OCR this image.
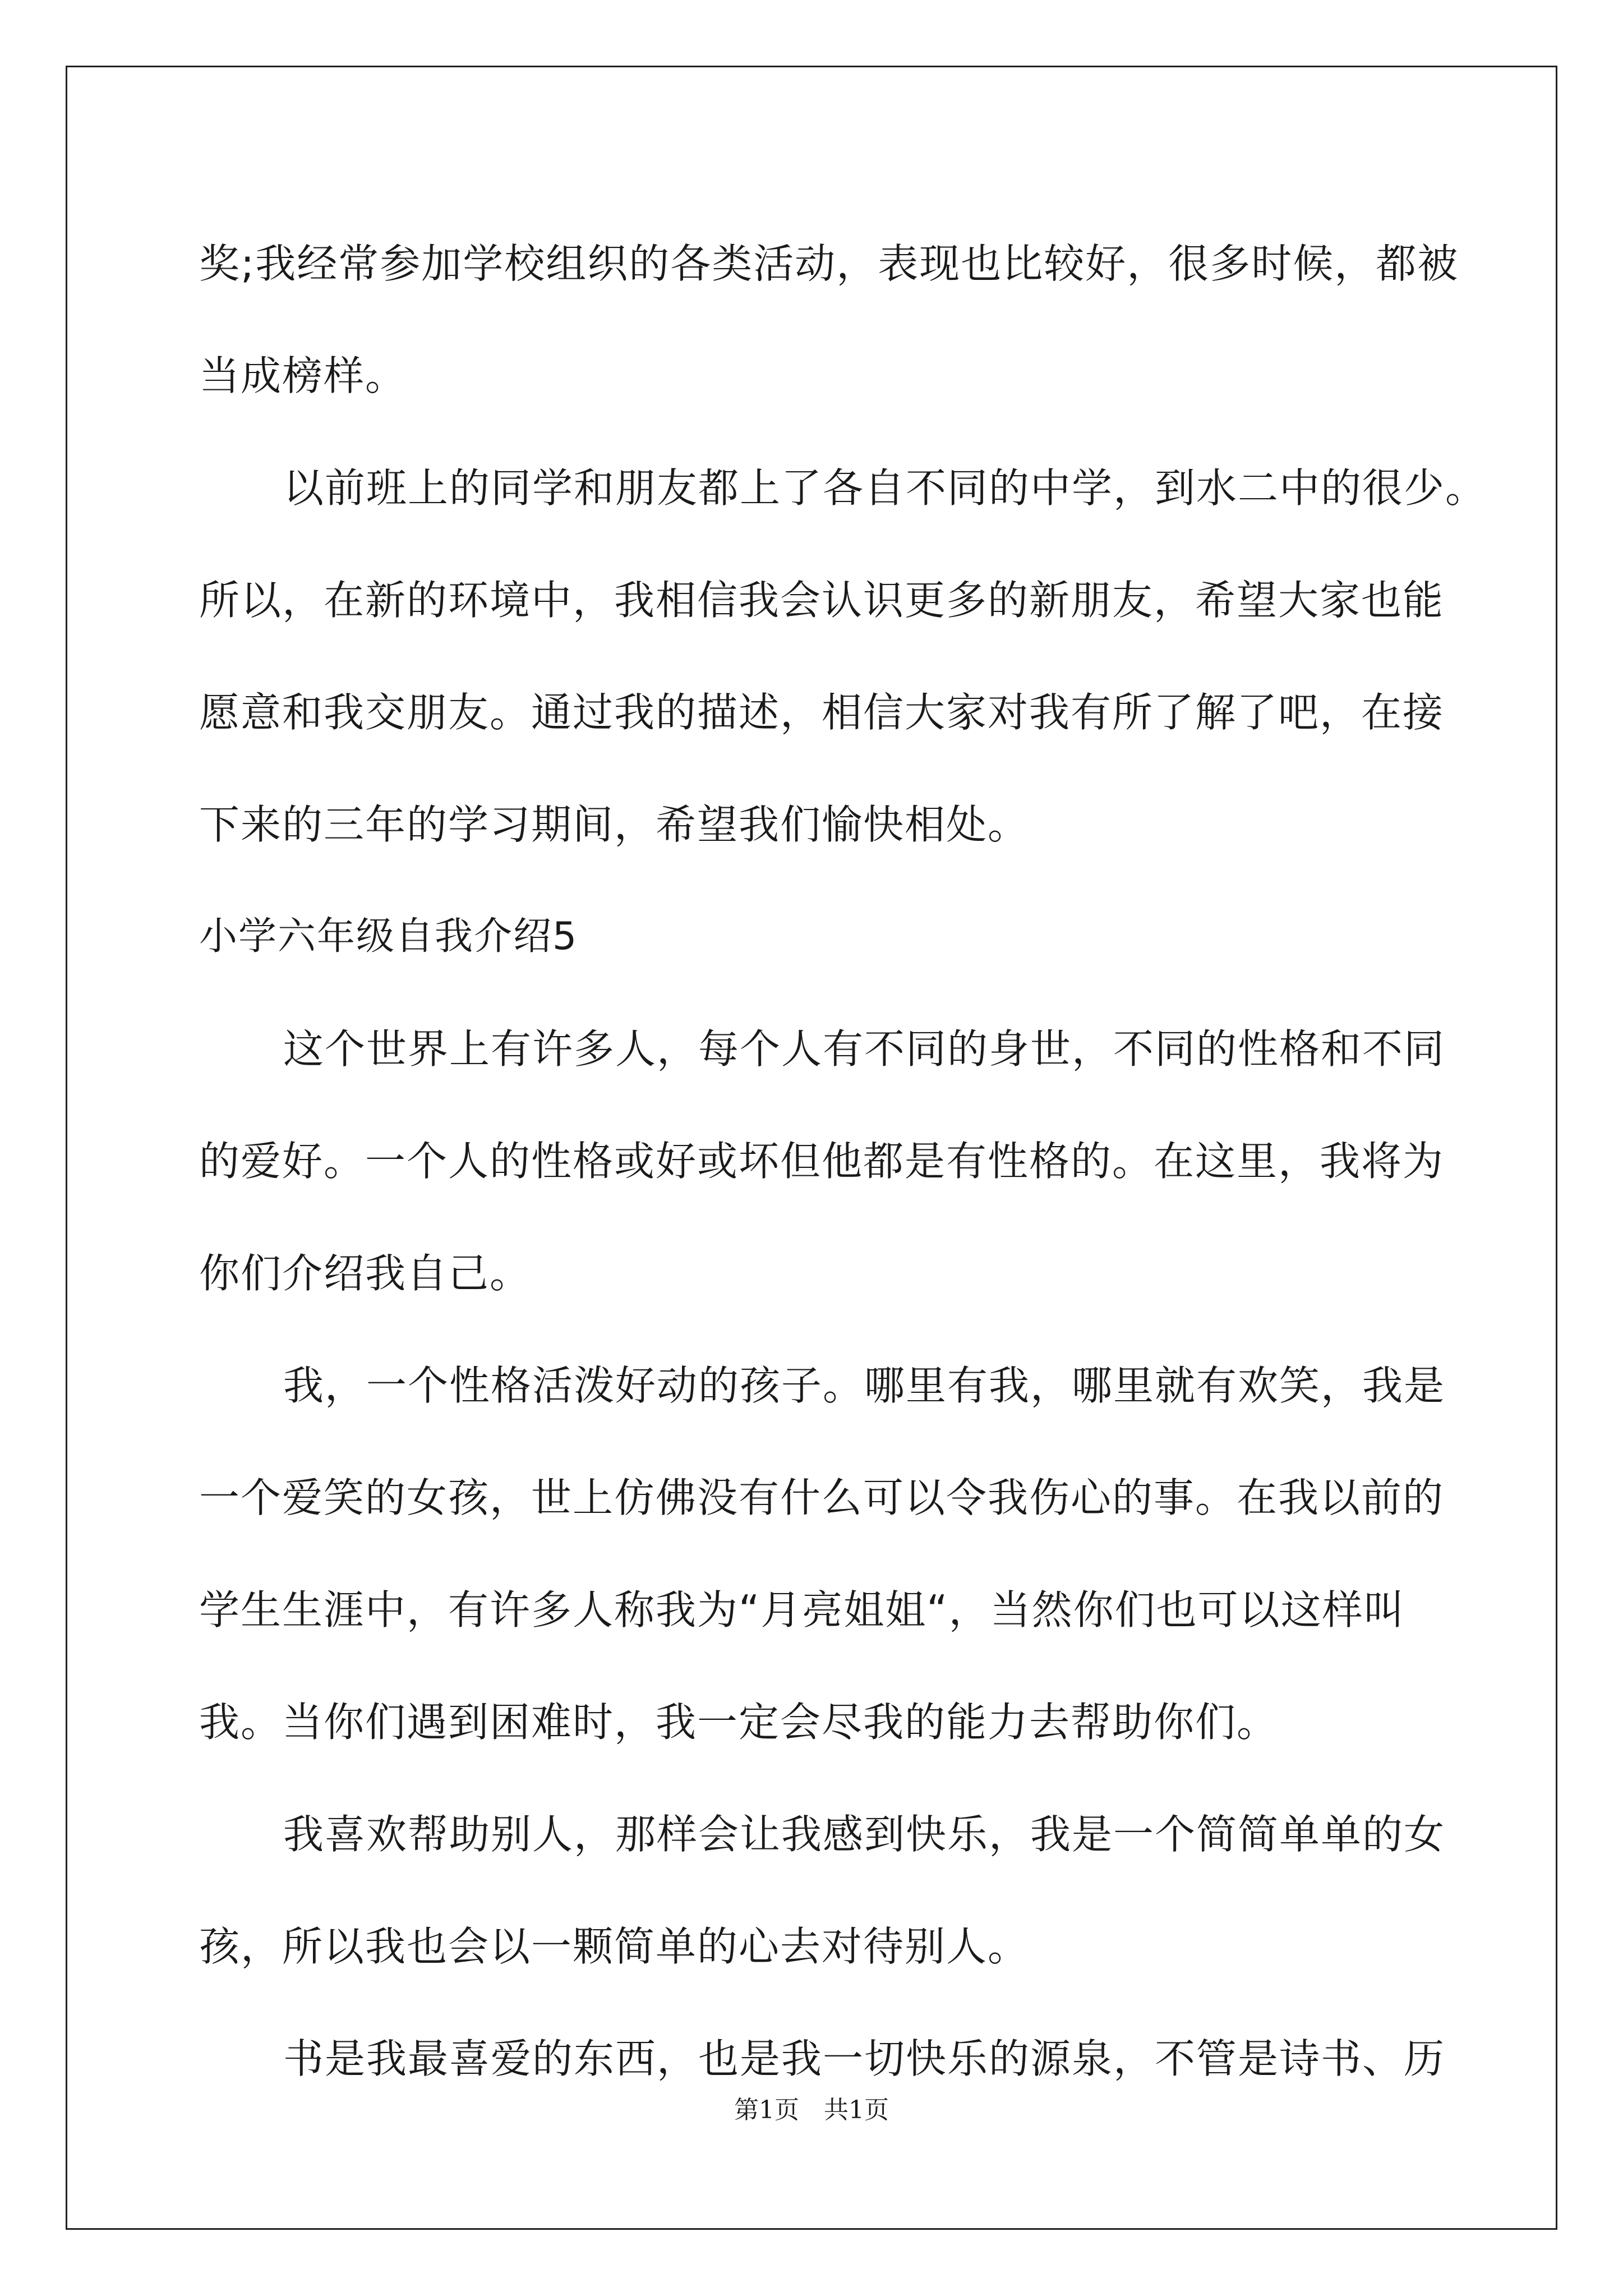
奖;我经常参加学校组织的各类活动，表现也比较好，很多时候，都被
当成榜样。
以前班上的同学和朋友都上了各自不同的中学，到水二中的很少。
所以，在新的环境中，我相信我会认识更多的新朋友，希望大家也能
愿意和我交朋友。通过我的描述，相信大家对我有所了解了吧，在接
下来的三年的学习期间，希望我们愉快相处。
小学六年级自我介绍5
这个世界上有许多人，每个人有不同的身世，不同的性格和不同
的爱好。一个人的性格或好或坏但他都是有性格的。在这里，我将为
你们介绍我自己。
我，一个性格活泼好动的孩子。哪里有我，哪里就有欢笑，我是
一个爱笑的女孩，世上仿佛没有什么可以令我伤心的事。在我以前的
学生生涯中，有许多人称我为“月亮姐姐“，当然你们也可以这样叫
我。当你们遇到困难时，我一定会尽我的能力去帮助你们。
我喜欢帮助别人，那样会让我感到快乐，我是一个简简单单的女
孩，所以我也会以一颗简单的心去对待别人。
书是我最喜爱的东西，也是我一切快乐的源泉，不管是诗书、历
第1页　共1页
